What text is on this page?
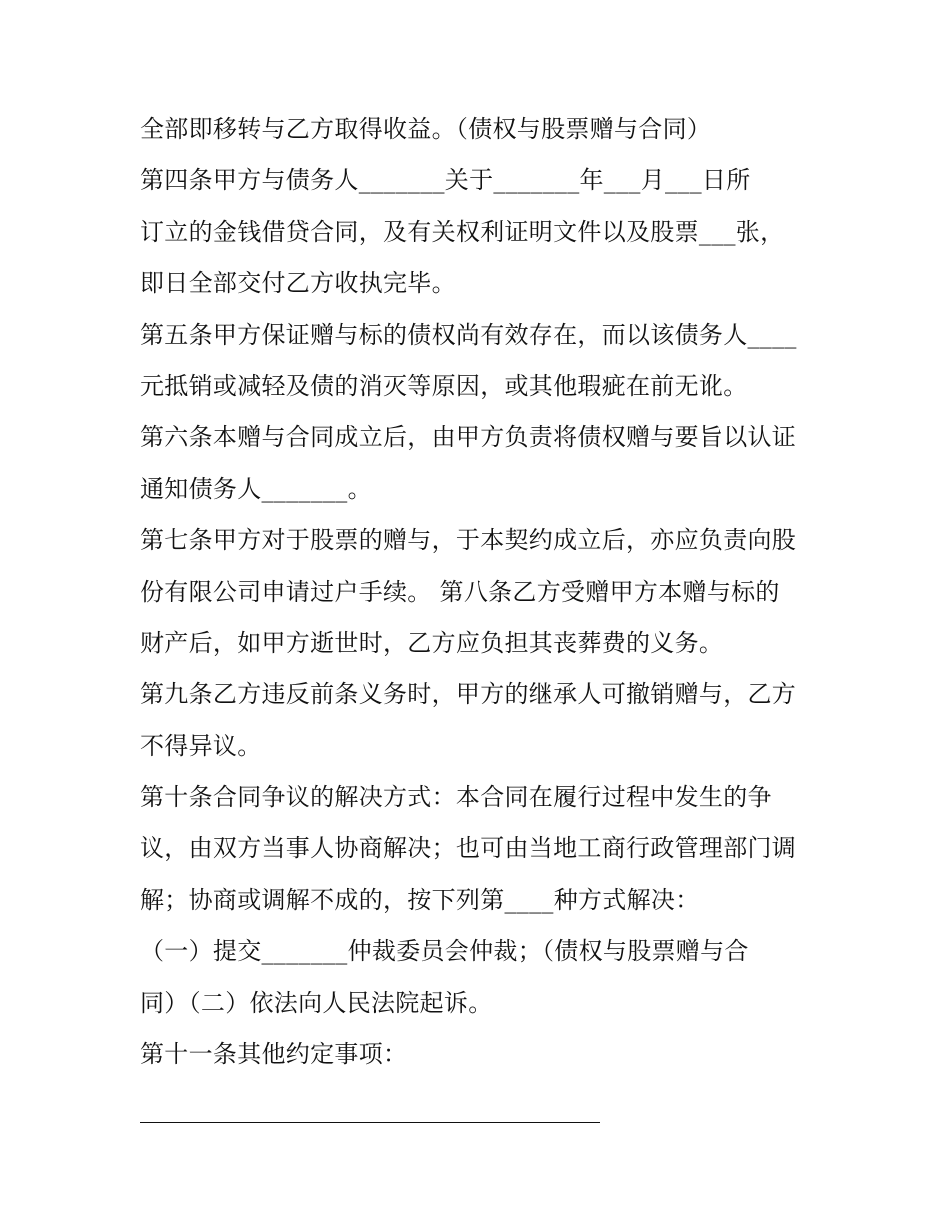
全部即移转与乙方取得收益。（债权与股票赠与合同）
第四条甲方与债务人_______关于_______年___月___日所
订立的金钱借贷合同，及有关权利证明文件以及股票___张，
即日全部交付乙方收执完毕。
第五条甲方保证赠与标的债权尚有效存在，而以该债务人____
元抵销或减轻及债的消灭等原因，或其他瑕疵在前无讹。
第六条本赠与合同成立后，由甲方负责将债权赠与要旨以认证
通知债务人_______。
第七条甲方对于股票的赠与，于本契约成立后，亦应负责向股
份有限公司申请过户手续。 第八条乙方受赠甲方本赠与标的
财产后，如甲方逝世时，乙方应负担其丧葬费的义务。
第九条乙方违反前条义务时，甲方的继承人可撤销赠与，乙方
不得异议。
第十条合同争议的解决方式：本合同在履行过程中发生的争
议，由双方当事人协商解决；也可由当地工商行政管理部门调
解；协商或调解不成的，按下列第____种方式解决：
（一）提交_______仲裁委员会仲裁；（债权与股票赠与合
同）（二）依法向人民法院起诉。
第十一条其他约定事项：
